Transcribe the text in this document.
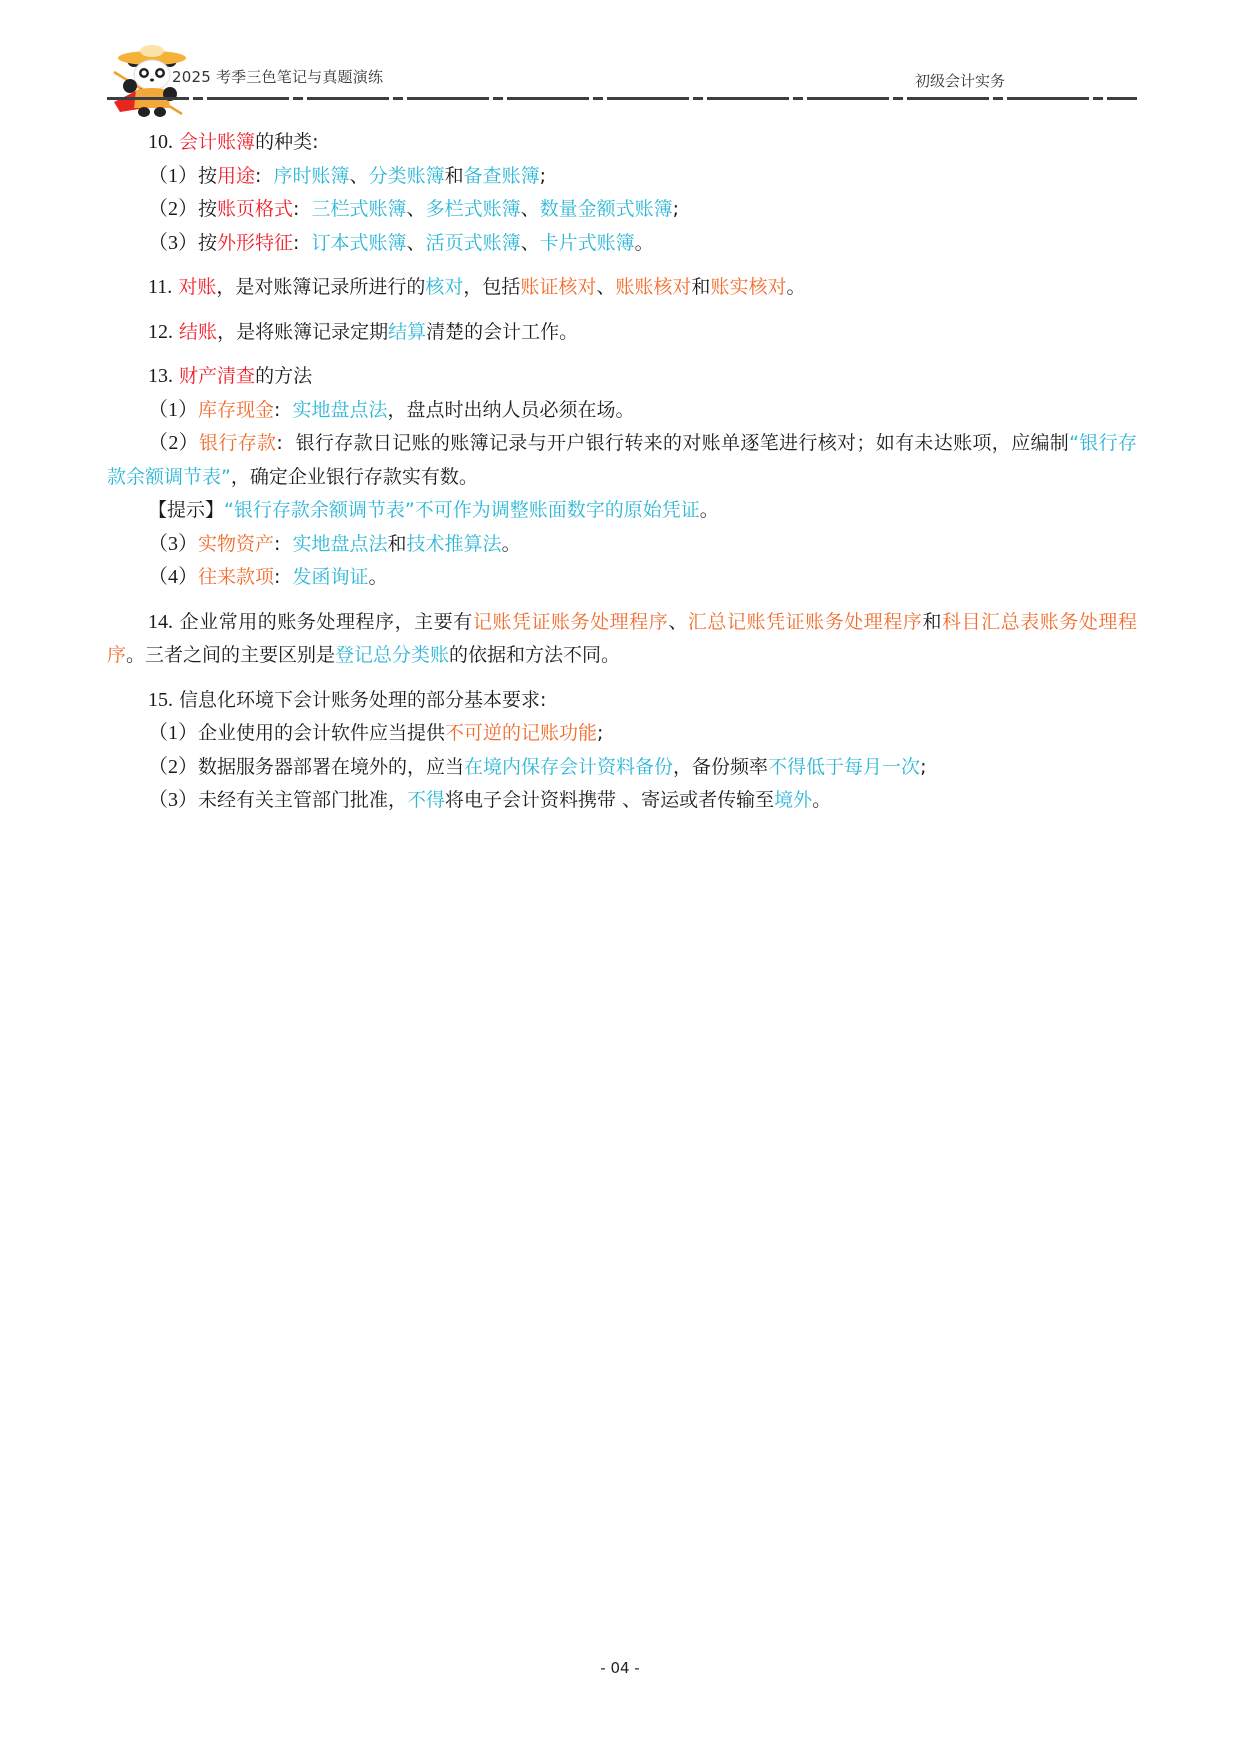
2025 考季三色笔记与真题演练	初级会计实务
10. 会计账簿的种类:
（1）按用途: 序时账簿、分类账簿和备查账簿;
（2）按账页格式: 三栏式账簿、多栏式账簿、数量金额式账簿;
（3）按外形特征: 订本式账簿、活页式账簿、卡片式账簿。
11. 对账，是对账簿记录所进行的核对，包括账证核对、账账核对和账实核对。
12. 结账，是将账簿记录定期结算清楚的会计工作。
13. 财产清查的方法
（1）库存现金: 实地盘点法，盘点时出纳人员必须在场。
（2）银行存款: 银行存款日记账的账簿记录与开户银行转来的对账单逐笔进行核对；如有未达账项，应编制“银行存款余额调节表”，确定企业银行存款实有数。
【提示】“银行存款余额调节表”不可作为调整账面数字的原始凭证。
（3）实物资产: 实地盘点法和技术推算法。
（4）往来款项: 发函询证。
14. 企业常用的账务处理程序，主要有记账凭证账务处理程序、汇总记账凭证账务处理程序和科目汇总表账务处理程序。三者之间的主要区别是登记总分类账的依据和方法不同。
15. 信息化环境下会计账务处理的部分基本要求:
（1）企业使用的会计软件应当提供不可逆的记账功能;
（2）数据服务器部署在境外的，应当在境内保存会计资料备份，备份频率不得低于每月一次;
（3）未经有关主管部门批准，不得将电子会计资料携带 、寄运或者传输至境外。
- 04 -
